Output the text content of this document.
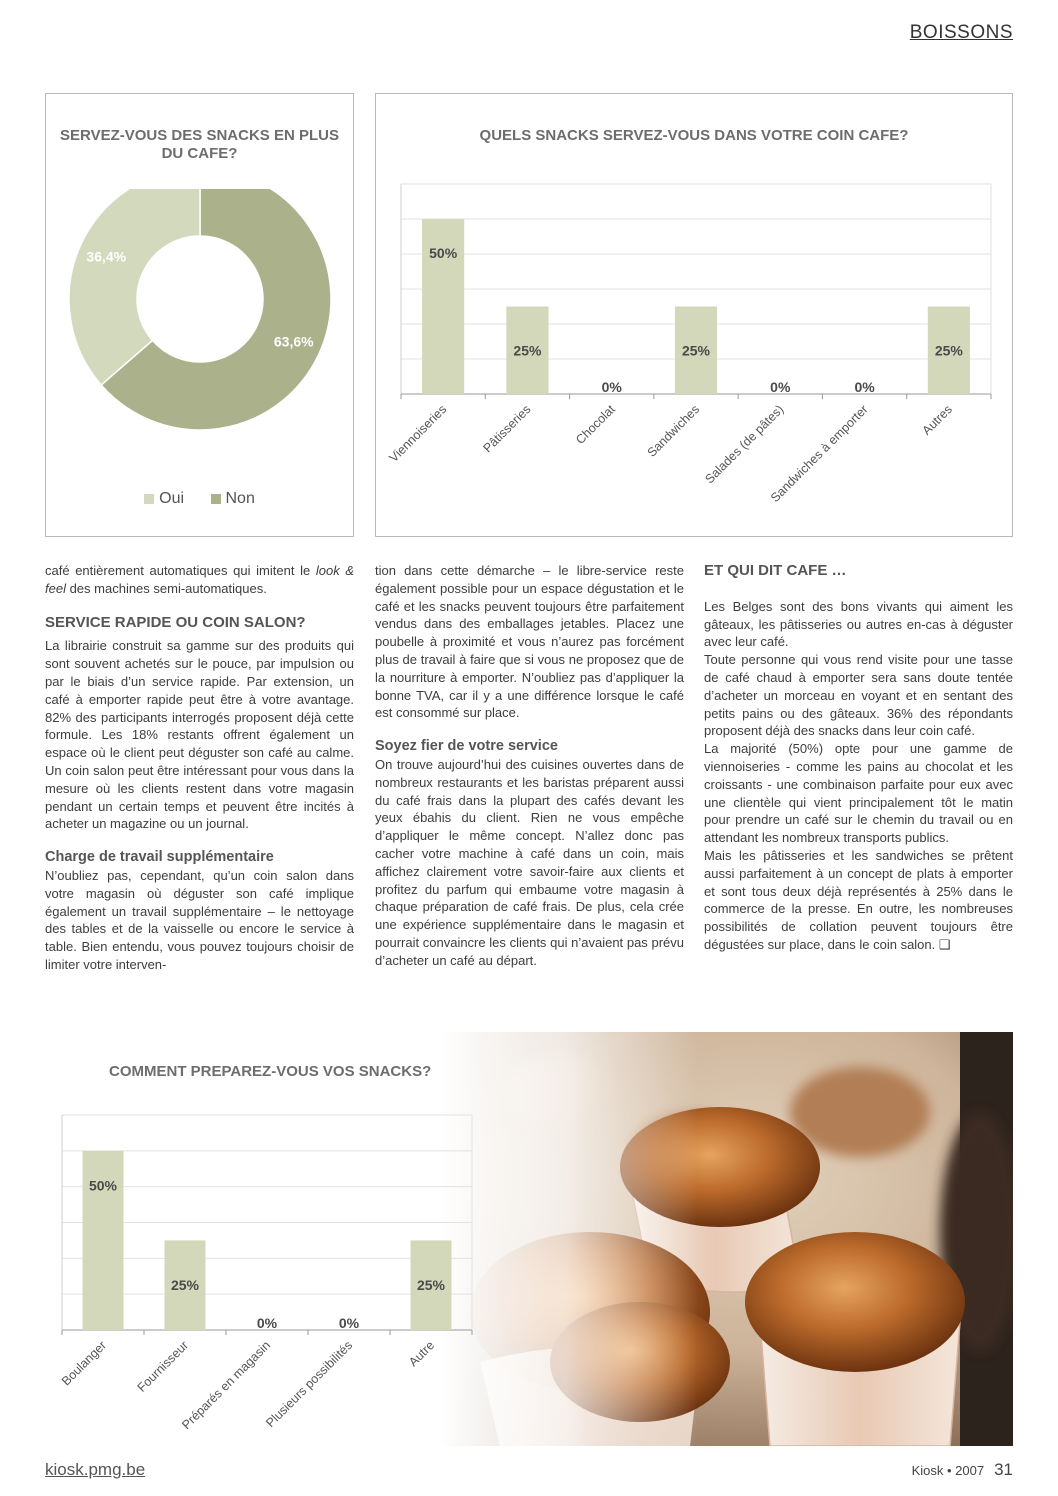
BOISSONS
SERVEZ-VOUS DES SNACKS EN PLUS
DU CAFE?
63,6%
36,4%
Oui	Non
QUELS SNACKS SERVEZ-VOUS DANS VOTRE COIN CAFE?
50%
Viennoiseries
25%
Pâtisseries
0%
Chocolat
25%
Sandwiches
0%
Salades (de pâtes)
0%
Sandwiches à emporter
25%
Autres

café entièrement automatiques qui imitent le look & feel des machines semi-automatiques.

SERVICE RAPIDE OU COIN SALON?

La librairie construit sa gamme sur des produits qui sont souvent achetés sur le pouce, par impulsion ou par le biais d’un service rapide. Par extension, un café à emporter rapide peut être à votre avantage. 82% des participants interrogés proposent déjà cette formule. Les 18% restants offrent également un espace où le client peut déguster son café au calme. Un coin salon peut être intéressant pour vous dans la mesure où les clients restent dans votre magasin pendant un certain temps et peuvent être incités à acheter un magazine ou un journal.

Charge de travail supplémentaire

N’oubliez pas, cependant, qu’un coin salon dans votre magasin où déguster son café implique également un travail supplémentaire – le nettoyage des tables et de la vaisselle ou encore le service à table. Bien entendu, vous pouvez toujours choisir de limiter votre interven-

tion dans cette démarche – le libre-service reste également possible pour un espace dégustation et le café et les snacks peuvent toujours être parfaitement vendus dans des emballages jetables. Placez une poubelle à proximité et vous n’aurez pas forcément plus de travail à faire que si vous ne proposez que de la nourriture à emporter. N’oubliez pas d’appliquer la bonne TVA, car il y a une différence lorsque le café est consommé sur place.

Soyez fier de votre service

On trouve aujourd’hui des cuisines ouvertes dans de nombreux restaurants et les baristas préparent aussi du café frais dans la plupart des cafés devant les yeux ébahis du client. Rien ne vous empêche d’appliquer le même concept. N’allez donc pas cacher votre machine à café dans un coin, mais affichez clairement votre savoir-faire aux clients et profitez du parfum qui embaume votre magasin à chaque préparation de café frais. De plus, cela crée une expérience supplémentaire dans le magasin et pourrait convaincre les clients qui n’avaient pas prévu d’acheter un café au départ.

ET QUI DIT CAFE …

Les Belges sont des bons vivants qui aiment les gâteaux, les pâtisseries ou autres en-cas à déguster avec leur café.

Toute personne qui vous rend visite pour une tasse de café chaud à emporter sera sans doute tentée d’acheter un morceau en voyant et en sentant des petits pains ou des gâteaux. 36% des répondants proposent déjà des snacks dans leur coin café.

La majorité (50%) opte pour une gamme de viennoiseries - comme les pains au chocolat et les croissants - une combinaison parfaite pour eux avec une clientèle qui vient principalement tôt le matin pour prendre un café sur le chemin du travail ou en attendant les nombreux transports publics.

Mais les pâtisseries et les sandwiches se prêtent aussi parfaitement à un concept de plats à emporter et sont tous deux déjà représentés à 25% dans le commerce de la presse. En outre, les nombreuses possibilités de collation peuvent toujours être dégustées sur place, dans le coin salon. ❑

COMMENT PREPAREZ-VOUS VOS SNACKS?
50%
Boulanger
25%
Fournisseur
0%
Préparés en magasin
0%
Plusieurs possibilités
25%
Autre
kiosk.pmg.be	Kiosk • 2007 31
